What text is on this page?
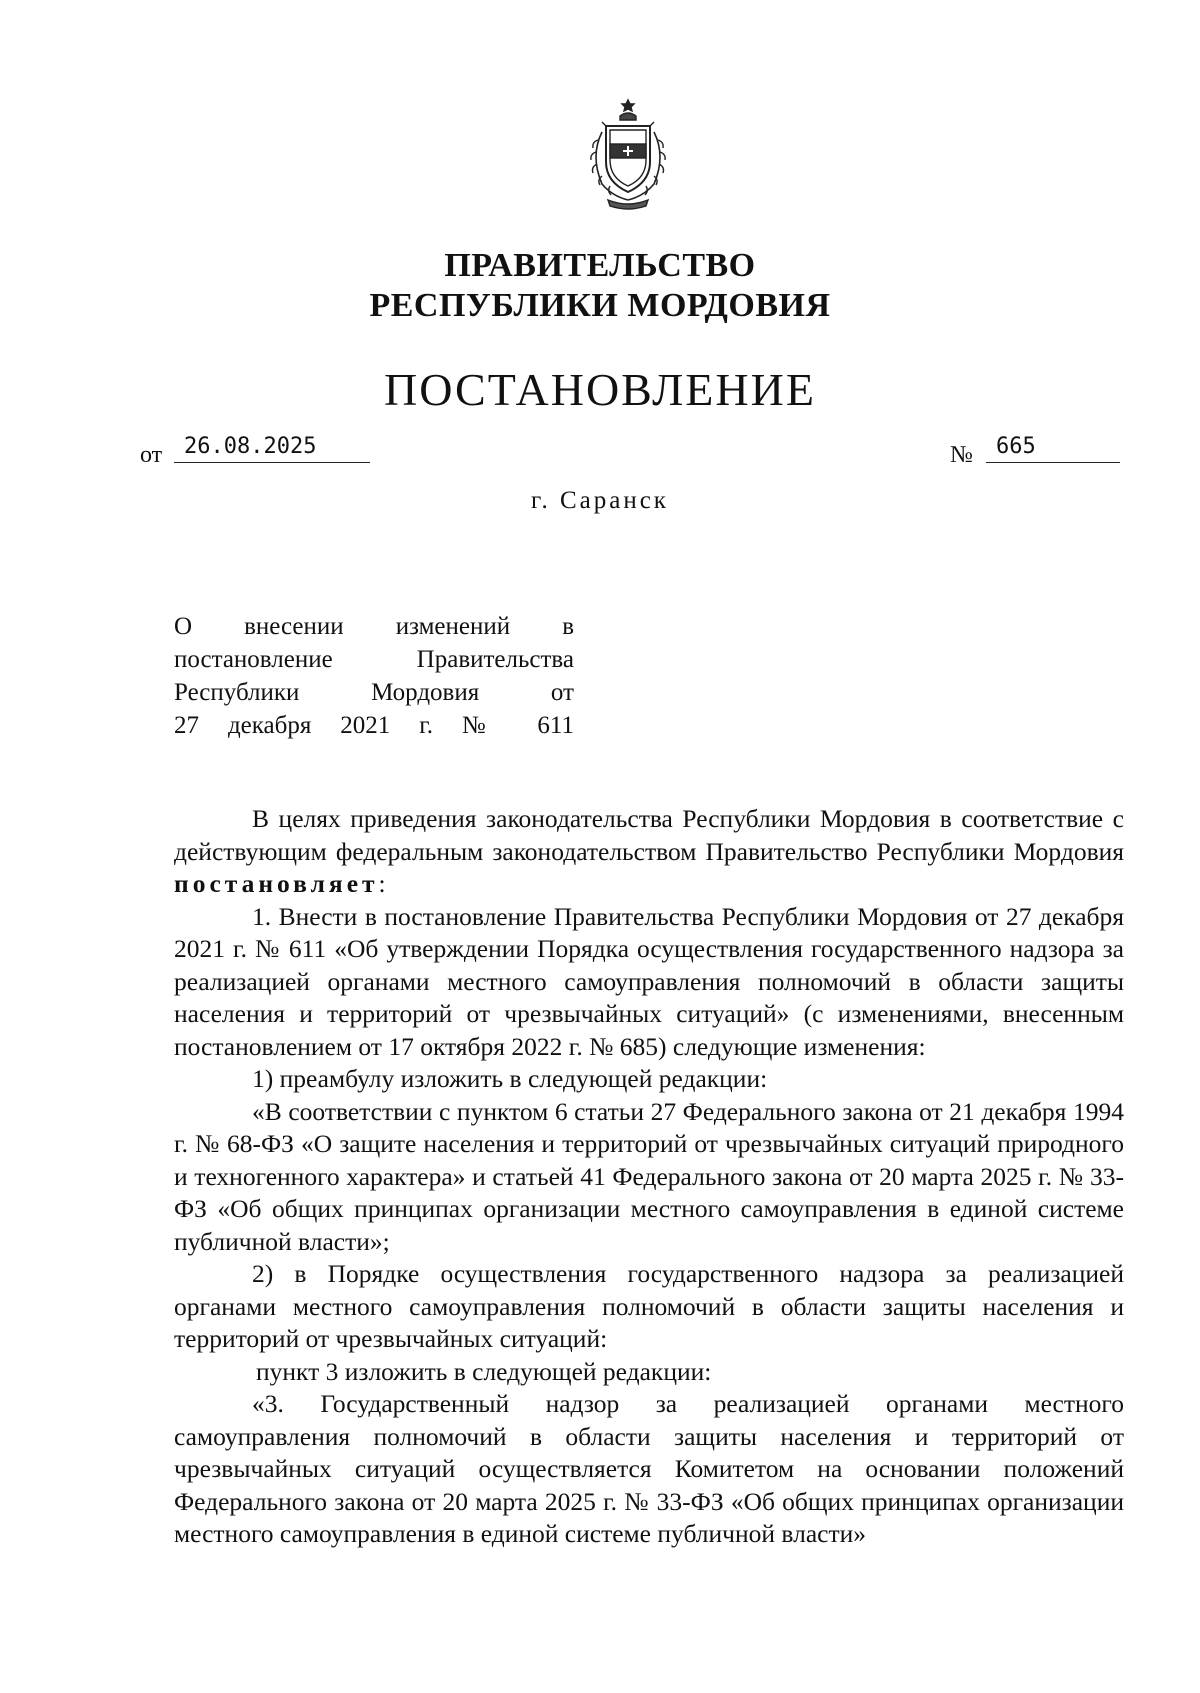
ПРАВИТЕЛЬСТВО
РЕСПУБЛИКИ МОРДОВИЯ
ПОСТАНОВЛЕНИЕ
от 26.08.2025	№	665
г. Саранск
О внесении изменений в
постановление Правительства
Республики Мордовия от
27 декабря 2021 г. № 611

В целях приведения законодательства Республики Мордовия в соответствие с действующим федеральным законодательством Правительство Республики Мордовия постановляет:

1. Внести в постановление Правительства Республики Мордовия от 27 декабря 2021 г. № 611 «Об утверждении Порядка осуществления государственного надзора за реализацией органами местного самоуправления полномочий в области защиты населения и территорий от чрезвычайных ситуаций» (с изменениями, внесенным постановлением от 17 октября 2022 г. № 685) следующие изменения:

1) преамбулу изложить в следующей редакции:

«В соответствии с пунктом 6 статьи 27 Федерального закона от 21 декабря 1994 г. № 68-ФЗ «О защите населения и территорий от чрезвычайных ситуаций природного и техногенного характера» и статьей 41 Федерального закона от 20 марта 2025 г. № 33-ФЗ «Об общих принципах организации местного самоуправления в единой системе публичной власти»;

2) в Порядке осуществления государственного надзора за реализацией органами местного самоуправления полномочий в области защиты населения и территорий от чрезвычайных ситуаций:

пункт 3 изложить в следующей редакции:

«3. Государственный надзор за реализацией органами местного самоуправления полномочий в области защиты населения и территорий от чрезвычайных ситуаций осуществляется Комитетом на основании положений Федерального закона от 20 марта 2025 г. № 33-ФЗ «Об общих принципах организации местного самоуправления в единой системе публичной власти»
